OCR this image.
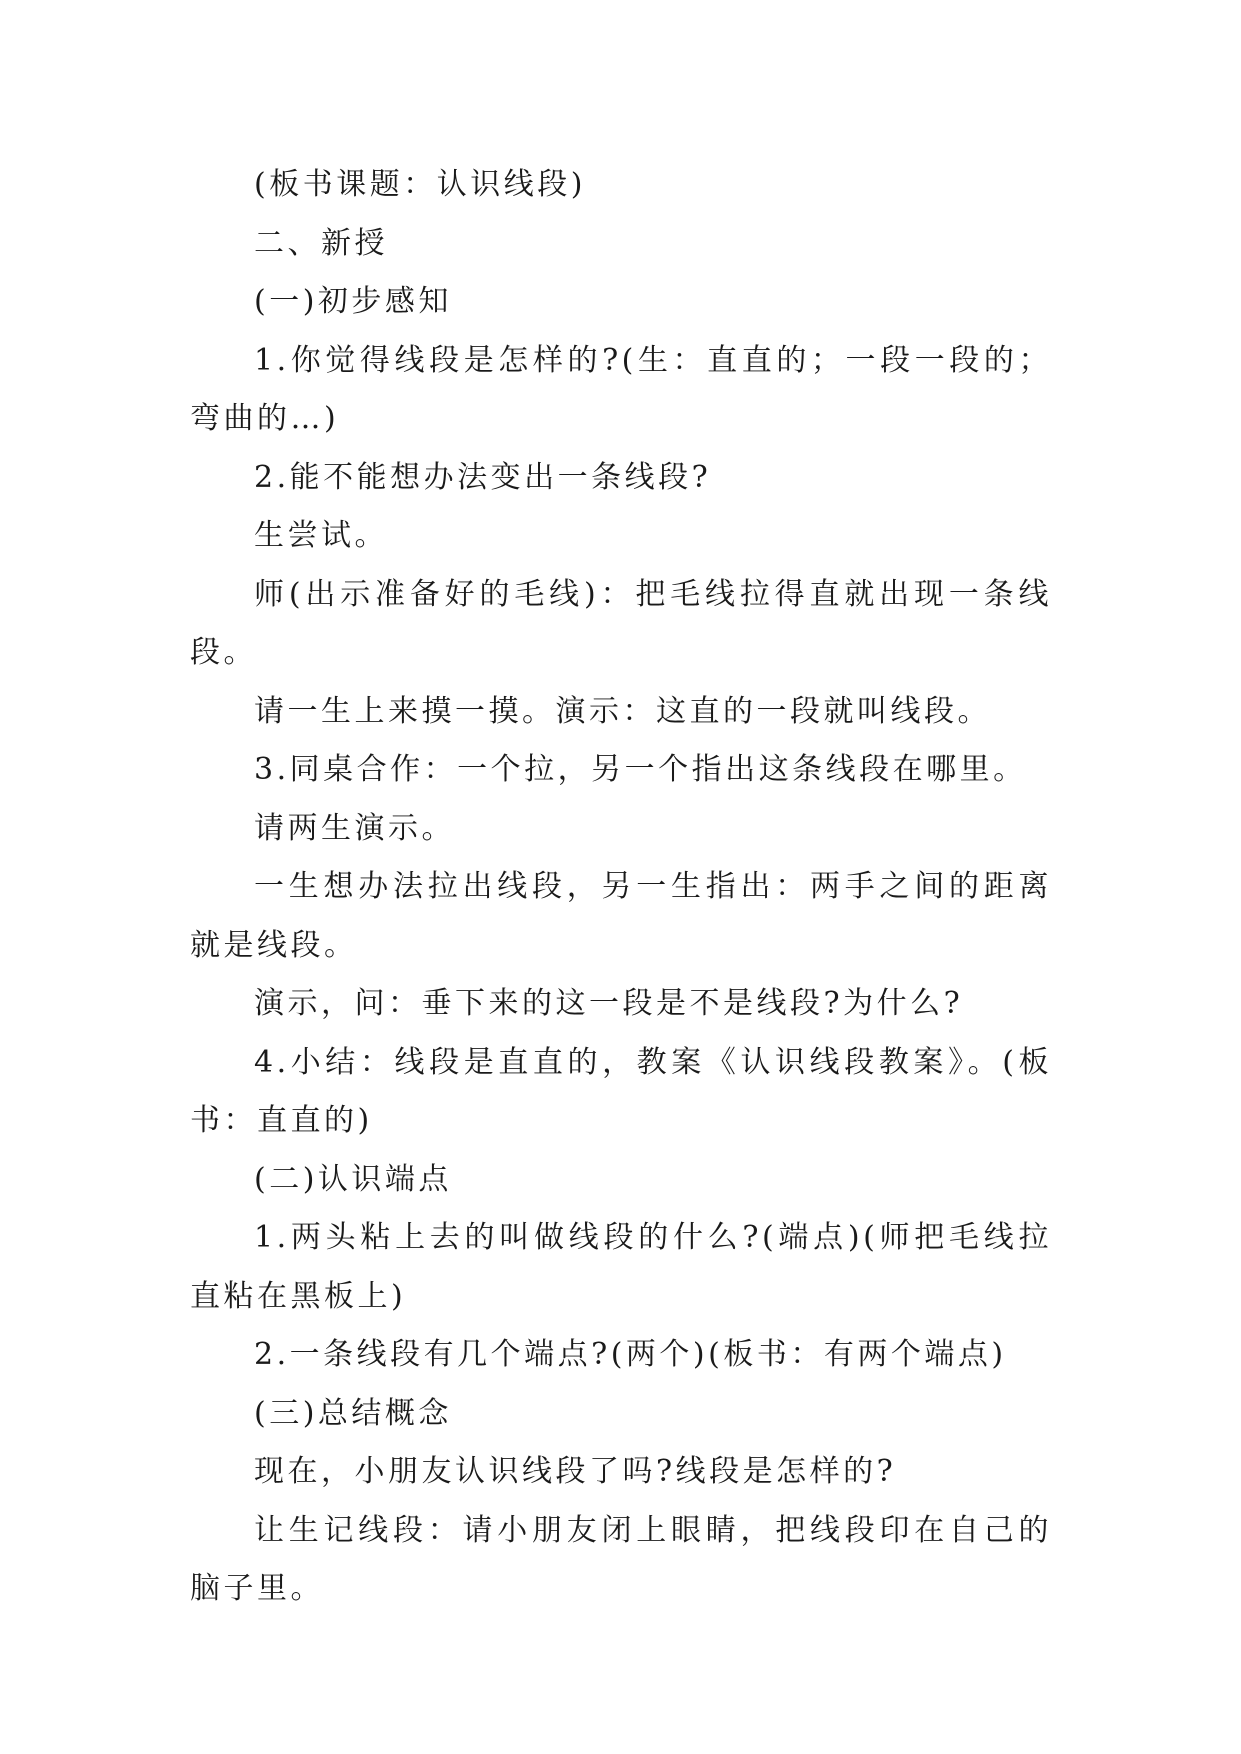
(板书课题：认识线段)

二、新授

(一)初步感知

1.你觉得线段是怎样的?(生：直直的；一段一段的；弯曲的…)

2.能不能想办法变出一条线段?

生尝试。

师(出示准备好的毛线)：把毛线拉得直就出现一条线段。

请一生上来摸一摸。演示：这直的一段就叫线段。

3.同桌合作：一个拉，另一个指出这条线段在哪里。

请两生演示。

一生想办法拉出线段，另一生指出：两手之间的距离就是线段。

演示，问：垂下来的这一段是不是线段?为什么?

4.小结：线段是直直的，教案《认识线段教案》。(板书：直直的)

(二)认识端点

1.两头粘上去的叫做线段的什么?(端点)(师把毛线拉直粘在黑板上)

2.一条线段有几个端点?(两个)(板书：有两个端点)

(三)总结概念

现在，小朋友认识线段了吗?线段是怎样的?

让生记线段：请小朋友闭上眼睛，把线段印在自己的脑子里。
